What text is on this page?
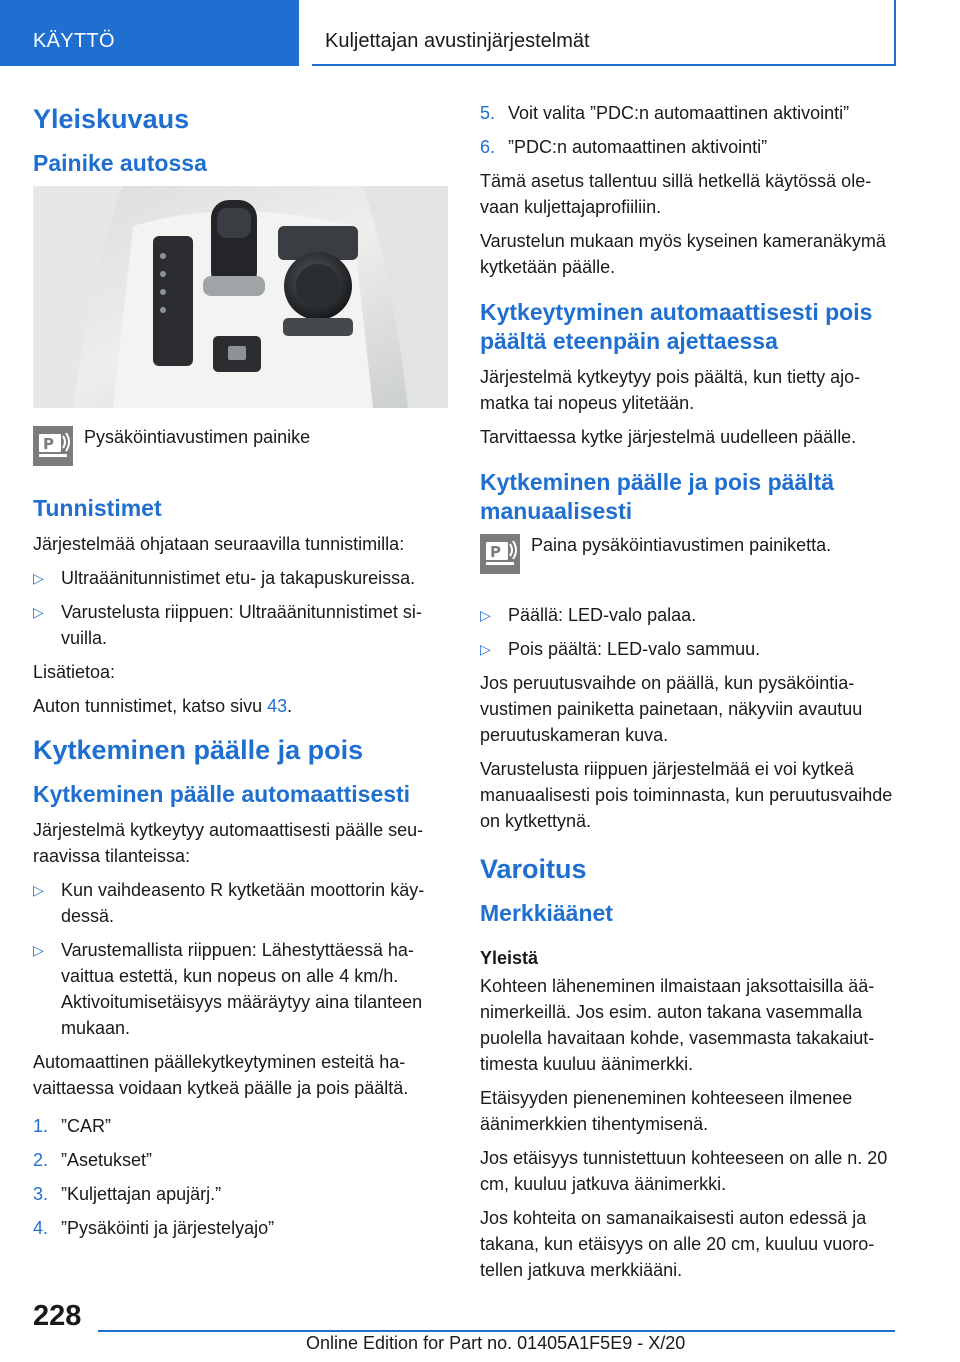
KÄYTTÖ	Kuljettajan avustinjärjestelmät
Yleiskuvaus
Painike autossa
P	Pysäköintiavustimen painike
Tunnistimet
Järjestelmää ohjataan seuraavilla tunnistimilla:
▷ Ultraäänitunnistimet etu- ja takapuskureissa.
▷ Varustelusta riippuen: Ultraäänitunnistimet sivuilla.
Lisätietoa:
Auton tunnistimet, katso sivu 43.
Kytkeminen päälle ja pois
Kytkeminen päälle automaattisesti
Järjestelmä kytkeytyy automaattisesti päälle seuraavissa tilanteissa:
▷ Kun vaihdeasento R kytketään moottorin käydessä.
▷ Varustemallista riippuen: Lähestyttäessä havaittua estettä, kun nopeus on alle 4 km/h. Aktivoitumisetäisyys määräytyy aina tilanteen mukaan.
Automaattinen päällekytkeytyminen esteitä havaittaessa voidaan kytkeä päälle ja pois päältä.
1. ”CAR”
2. ”Asetukset”
3. ”Kuljettajan apujärj.”
4. ”Pysäköinti ja järjestelyajo”
5. Voit valita ”PDC:n automaattinen aktivointi”
6. ”PDC:n automaattinen aktivointi”
Tämä asetus tallentuu sillä hetkellä käytössä olevaan kuljettajaprofiiliin.
Varustelun mukaan myös kyseinen kameranäkymä kytketään päälle.
Kytkeytyminen automaattisesti pois päältä eteenpäin ajettaessa
Järjestelmä kytkeytyy pois päältä, kun tietty ajomatka tai nopeus ylitetään.
Tarvittaessa kytke järjestelmä uudelleen päälle.
Kytkeminen päälle ja pois päältä manuaalisesti
P	Paina pysäköintiavustimen painiketta.
▷ Päällä: LED-valo palaa.
▷ Pois päältä: LED-valo sammuu.
Jos peruutusvaihde on päällä, kun pysäköintiavustimen painiketta painetaan, näkyviin avautuu peruutuskameran kuva.
Varustelusta riippuen järjestelmää ei voi kytkeä manuaalisesti pois toiminnasta, kun peruutusvaihde on kytkettynä.
Varoitus
Merkkiäänet
Yleistä
Kohteen läheneminen ilmaistaan jaksottaisilla äänimerkeillä. Jos esim. auton takana vasemmalla puolella havaitaan kohde, vasemmasta takakaiuttimesta kuuluu äänimerkki.
Etäisyyden pieneneminen kohteeseen ilmenee äänimerkkien tihentymisenä.
Jos etäisyys tunnistettuun kohteeseen on alle n. 20 cm, kuuluu jatkuva äänimerkki.
Jos kohteita on samanaikaisesti auton edessä ja takana, kun etäisyys on alle 20 cm, kuuluu vuorotellen jatkuva merkkiääni.
228
Online Edition for Part no. 01405A1F5E9 - X/20
